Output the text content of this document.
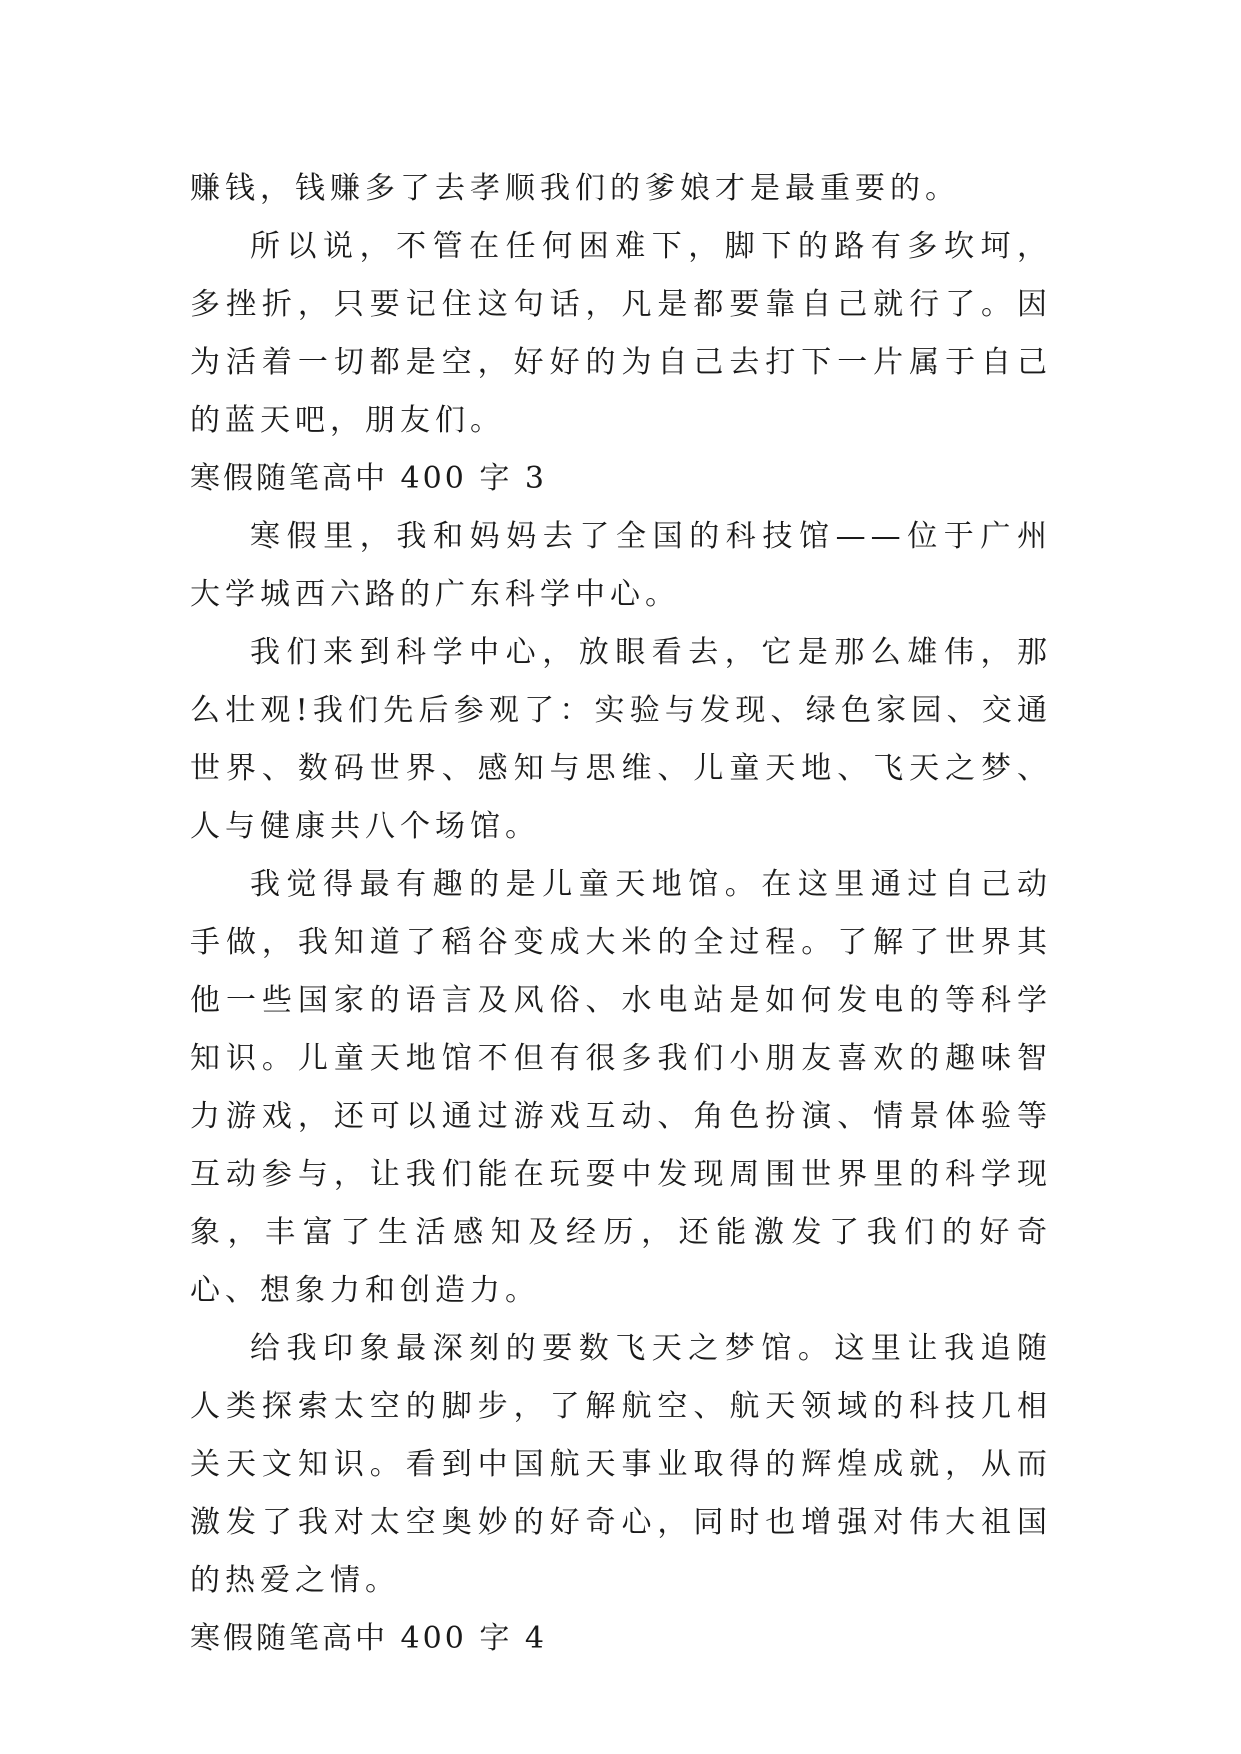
赚钱，钱赚多了去孝顺我们的爹娘才是最重要的。

所以说，不管在任何困难下，脚下的路有多坎坷，多挫折，只要记住这句话，凡是都要靠自己就行了。因为活着一切都是空，好好的为自己去打下一片属于自己的蓝天吧，朋友们。

寒假随笔高中 400 字 3

寒假里，我和妈妈去了全国的科技馆——位于广州大学城西六路的广东科学中心。

我们来到科学中心，放眼看去，它是那么雄伟，那么壮观!我们先后参观了：实验与发现、绿色家园、交通世界、数码世界、感知与思维、儿童天地、飞天之梦、人与健康共八个场馆。

我觉得最有趣的是儿童天地馆。在这里通过自己动手做，我知道了稻谷变成大米的全过程。了解了世界其他一些国家的语言及风俗、水电站是如何发电的等科学知识。儿童天地馆不但有很多我们小朋友喜欢的趣味智力游戏，还可以通过游戏互动、角色扮演、情景体验等互动参与，让我们能在玩耍中发现周围世界里的科学现象，丰富了生活感知及经历，还能激发了我们的好奇心、想象力和创造力。

给我印象最深刻的要数飞天之梦馆。这里让我追随人类探索太空的脚步，了解航空、航天领域的科技几相关天文知识。看到中国航天事业取得的辉煌成就，从而激发了我对太空奥妙的好奇心，同时也增强对伟大祖国的热爱之情。

寒假随笔高中 400 字 4
